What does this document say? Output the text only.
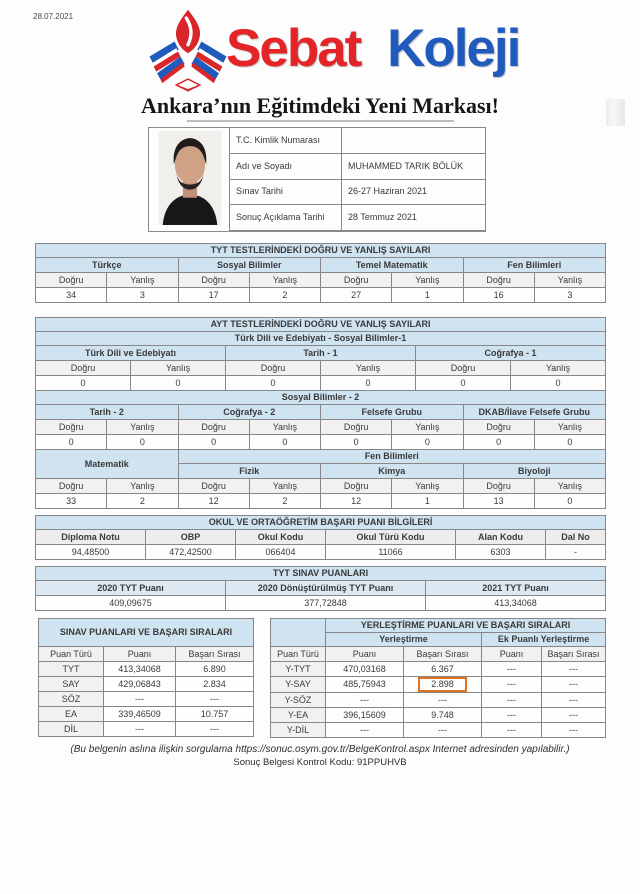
28.07.2021
Sebat Koleji
Ankara’nın Eğitimdeki Yeni Markası!
T.C. Kimlik Numarası	
Adı ve Soyadı	MUHAMMED TARIK BÖLÜK
Sınav Tarihi	26-27 Haziran 2021
Sonuç Açıklama Tarihi	28 Temmuz 2021
TYT TESTLERİNDEKİ DOĞRU VE YANLIŞ SAYILARI							
Türkçe		Sosyal Bilimler		Temel Matematik		Fen Bilimleri	
Doğru	Yanlış	Doğru	Yanlış	Doğru	Yanlış	Doğru	Yanlış
34	3	17	2	27	1	16	3
AYT TESTLERİNDEKİ DOĞRU VE YANLIŞ SAYILARI											
Türk Dili ve Edebiyatı - Sosyal Bilimler-1											
Türk Dili ve Edebiyatı				Tarih - 1				Coğrafya - 1			
Doğru		Yanlış		Doğru		Yanlış		Doğru		Yanlış	
0		0		0		0		0		0	
Sosyal Bilimler - 2											
Tarih - 2			Coğrafya - 2			Felsefe Grubu			DKAB/İlave Felsefe Grubu		
Doğru	Yanlış		Doğru		Yanlış	Doğru	Yanlış		Doğru		Yanlış
0	0		0		0	0	0		0		0
Matematik			Fen Bilimleri								
			Fizik			Kimya			Biyoloji		
Doğru	Yanlış		Doğru		Yanlış	Doğru	Yanlış		Doğru		Yanlış
33	2		12		2	12	1		13		0
OKUL VE ORTAÖĞRETİM BAŞARI PUANI BİLGİLERİ					
Diploma Notu	OBP	Okul Kodu	Okul Türü Kodu	Alan Kodu	Dal No
94,48500	472,42500	066404	11066	6303	-
TYT SINAV PUANLARI		
2020 TYT Puanı	2020 Dönüştürülmüş TYT Puanı	2021 TYT Puanı
409,09675	377,72848	413,34068
SINAV PUANLARI VE BAŞARI SIRALARI		
Puan Türü	Puanı	Başarı Sırası
TYT	413,34068	6.890
SAY	429,06843	2.834
SÖZ	---	---
EA	339,46509	10.757
DİL	---	---
	YERLEŞTİRME PUANLARI VE BAŞARI SIRALARI			
	Yerleştirme		Ek Puanlı Yerleştirme	
Puan Türü	Puanı	Başarı Sırası	Puanı	Başarı Sırası
Y-TYT	470,03168	6.367	---	---
Y-SAY	485,75943	2.898	---	---
Y-SÖZ	---	---	---	---
Y-EA	396,15609	9.748	---	---
Y-DİL	---	---	---	---
(Bu belgenin aslına ilişkin sorgulama https://sonuc.osym.gov.tr/BelgeKontrol.aspx Internet adresinden yapılabilir.)
Sonuç Belgesi Kontrol Kodu: 91PPUHVB
